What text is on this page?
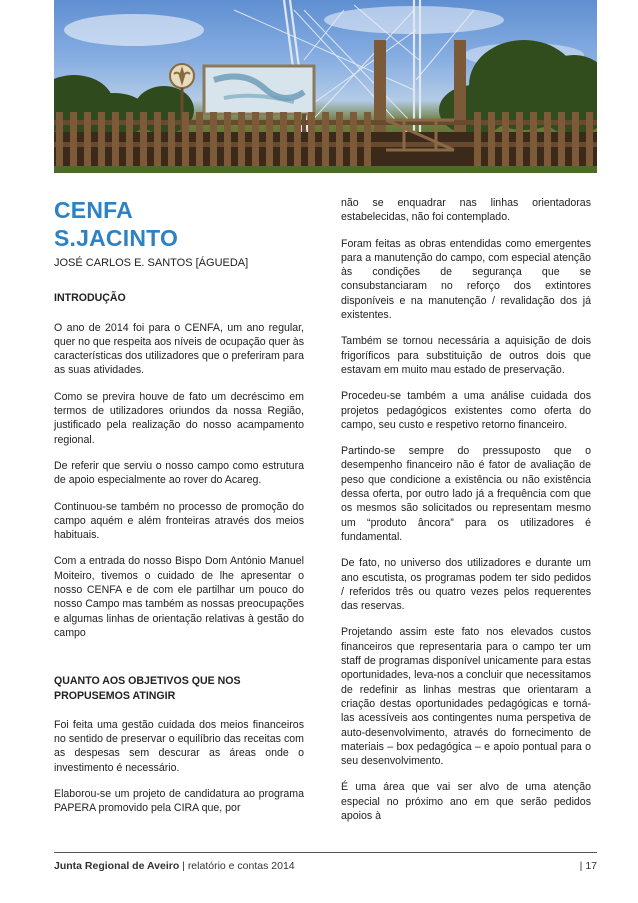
CENFA
S.JACINTO
JOSÉ CARLOS E. SANTOS [ÁGUEDA]
INTRODUÇÃO

O ano de 2014 foi para o CENFA, um ano regular, quer no que respeita aos níveis de ocupação quer às características dos utilizadores que o preferiram para as suas atividades.

Como se previra houve de fato um decréscimo em termos de utilizadores oriundos da nossa Região, justificado pela realização do nosso acampamento regional.

De referir que serviu o nosso campo como estrutura de apoio especialmente ao rover do Acareg.

Continuou-se também no processo de promoção do campo aquém e além fronteiras através dos meios habituais.

Com a entrada do nosso Bispo Dom António Manuel Moiteiro, tivemos o cuidado de lhe apresentar o nosso CENFA e de com ele partilhar um pouco do nosso Campo mas também as nossas preocupações e algumas linhas de orientação relativas à gestão do campo

QUANTO AOS OBJETIVOS QUE NOS
PROPUSEMOS ATINGIR

Foi feita uma gestão cuidada dos meios financeiros no sentido de preservar o equilíbrio das receitas com as despesas sem descurar as áreas onde o investimento é necessário.

Elaborou-se um projeto de candidatura ao programa PAPERA promovido pela CIRA que, por

não se enquadrar nas linhas orientadoras estabelecidas, não foi contemplado.

Foram feitas as obras entendidas como emergentes para a manutenção do campo, com especial atenção às condições de segurança que se consubstanciaram no reforço dos extintores disponíveis e na manutenção / revalidação dos já existentes.

Também se tornou necessária a aquisição de dois frigoríficos para substituição de outros dois que estavam em muito mau estado de preservação.

Procedeu-se também a uma análise cuidada dos projetos pedagógicos existentes como oferta do campo, seu custo e respetivo retorno financeiro.

Partindo-se sempre do pressuposto que o desempenho financeiro não é fator de avaliação de peso que condicione a existência ou não existência dessa oferta, por outro lado já a frequência com que os mesmos são solicitados ou representam mesmo um “produto âncora” para os utilizadores é fundamental.

De fato, no universo dos utilizadores e durante um ano escutista, os programas podem ter sido pedidos / referidos três ou quatro vezes pelos requerentes das reservas.

Projetando assim este fato nos elevados custos financeiros que representaria para o campo ter um staff de programas disponível unicamente para estas oportunidades, leva-nos a concluir que necessitamos de redefinir as linhas mestras que orientaram a criação destas oportunidades pedagógicas e torná-las acessíveis aos contingentes numa perspetiva de auto-desenvolvimento, através do fornecimento de materiais – box pedagógica – e apoio pontual para o seu desenvolvimento.

É uma área que vai ser alvo de uma atenção especial no próximo ano em que serão pedidos apoios à

Junta Regional de Aveiro | relatório e contas 2014	| 17
